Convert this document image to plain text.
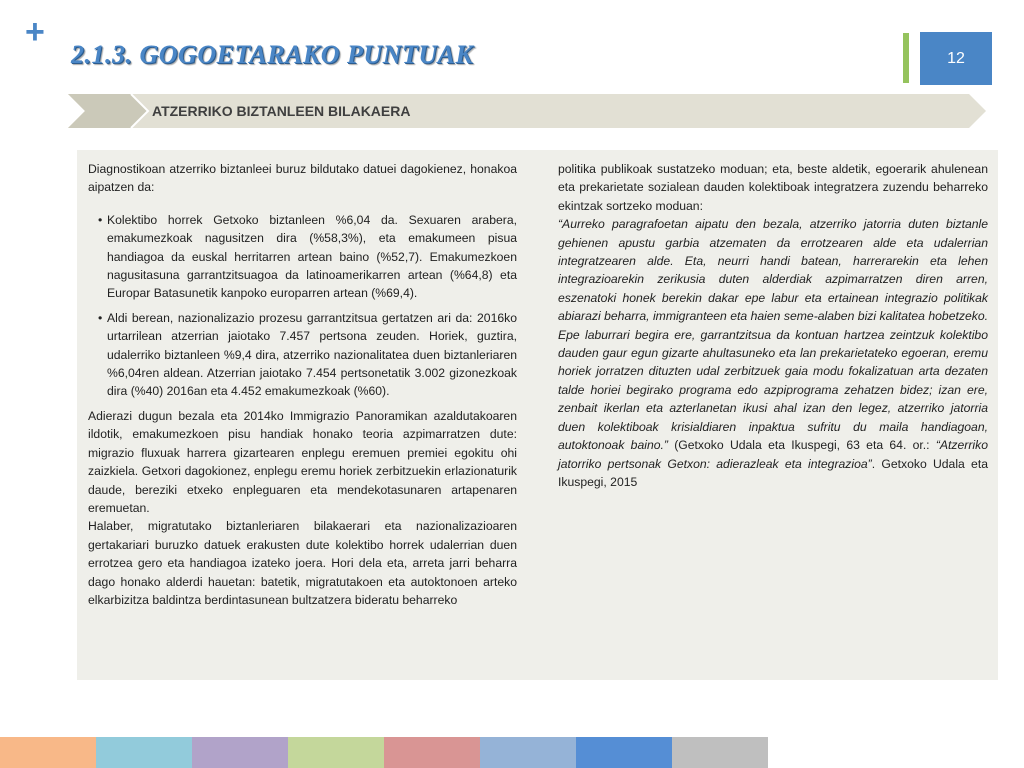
+
2.1.3. GOGOETARAKO PUNTUAK	12
ATZERRIKO BIZTANLEEN BILAKAERA

Diagnostikoan atzerriko biztanleei buruz bildutako datuei dagokienez, honakoa aipatzen da:

• Kolektibo horrek Getxoko biztanleen %6,04 da. Sexuaren arabera, emakumezkoak nagusitzen dira (%58,3%), eta emakumeen pisua handiagoa da euskal herritarren artean baino (%52,7). Emakumezkoen nagusitasuna garrantzitsuagoa da latinoamerikarren artean (%64,8) eta Europar Batasunetik kanpoko europarren artean (%69,4).
• Aldi berean, nazionalizazio prozesu garrantzitsua gertatzen ari da: 2016ko urtarrilean atzerrian jaiotako 7.457 pertsona zeuden. Horiek, guztira, udalerriko biztanleen %9,4 dira, atzerriko nazionalitatea duen biztanleriaren %6,04ren aldean. Atzerrian jaiotako 7.454 pertsonetatik 3.002 gizonezkoak dira (%40) 2016an eta 4.452 emakumezkoak (%60).

Adierazi dugun bezala eta 2014ko Immigrazio Panoramikan azaldutakoaren ildotik, emakumezkoen pisu handiak honako teoria azpimarratzen dute: migrazio fluxuak harrera gizartearen enplegu eremuen premiei egokitu ohi zaizkiela. Getxori dagokionez, enplegu eremu horiek zerbitzuekin erlazionaturik daude, bereziki etxeko enpleguaren eta mendekotasunaren artapenaren eremuetan.

Halaber, migratutako biztanleriaren bilakaerari eta nazionalizazioaren gertakariari buruzko datuek erakusten dute kolektibo horrek udalerrian duen errotzea gero eta handiagoa izateko joera. Hori dela eta, arreta jarri beharra dago honako alderdi hauetan: batetik, migratutakoen eta autoktonoen arteko elkarbizitza baldintza berdintasunean bultzatzera bideratu beharreko

politika publikoak sustatzeko moduan; eta, beste aldetik, egoerarik ahulenean eta prekarietate sozialean dauden kolektiboak integratzera zuzendu beharreko ekintzak sortzeko moduan:

“Aurreko paragrafoetan aipatu den bezala, atzerriko jatorria duten biztanle gehienen apustu garbia atzematen da errotzearen alde eta udalerrian integratzearen alde. Eta, neurri handi batean, harrerarekin eta lehen integrazioarekin zerikusia duten alderdiak azpimarratzen diren arren, eszenatoki honek berekin dakar epe labur eta ertainean integrazio politikak abiarazi beharra, immigranteen eta haien seme-alaben bizi kalitatea hobetzeko. Epe laburrari begira ere, garrantzitsua da kontuan hartzea zeintzuk kolektibo dauden gaur egun gizarte ahultasuneko eta lan prekarietateko egoeran, eremu horiek jorratzen dituzten udal zerbitzuek gaia modu fokalizatuan arta dezaten talde horiei begirako programa edo azpiprograma zehatzen bidez; izan ere, zenbait ikerlan eta azterlanetan ikusi ahal izan den legez, atzerriko jatorria duen kolektiboak krisialdiaren inpaktua sufritu du maila handiagoan, autoktonoak baino.” (Getxoko Udala eta Ikuspegi, 63 eta 64. or.: “Atzerriko jatorriko pertsonak Getxon: adierazleak eta integrazioa”. Getxoko Udala eta Ikuspegi, 2015
